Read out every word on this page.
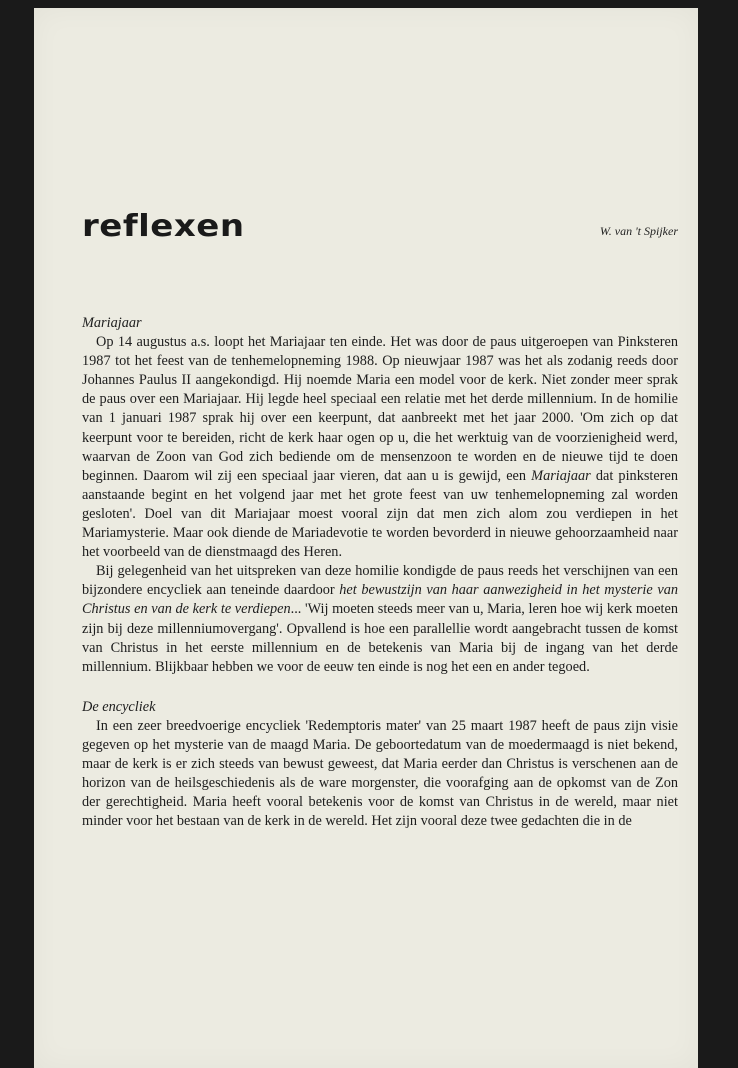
reflexen	W. van 't Spijker

Mariajaar

Op 14 augustus a.s. loopt het Mariajaar ten einde. Het was door de paus uitgeroepen van Pinksteren 1987 tot het feest van de tenhemelopneming 1988. Op nieuwjaar 1987 was het als zodanig reeds door Johannes Paulus II aangekondigd. Hij noemde Maria een model voor de kerk. Niet zonder meer sprak de paus over een Mariajaar. Hij legde heel speciaal een relatie met het derde millennium. In de homilie van 1 januari 1987 sprak hij over een keerpunt, dat aanbreekt met het jaar 2000. 'Om zich op dat keerpunt voor te bereiden, richt de kerk haar ogen op u, die het werktuig van de voorzienigheid werd, waarvan de Zoon van God zich bediende om de mensenzoon te worden en de nieuwe tijd te doen beginnen. Daarom wil zij een speciaal jaar vieren, dat aan u is gewijd, een Mariajaar dat pinksteren aanstaande begint en het volgend jaar met het grote feest van uw tenhemelopneming zal worden gesloten'. Doel van dit Mariajaar moest vooral zijn dat men zich alom zou verdiepen in het Mariamysterie. Maar ook diende de Mariadevotie te worden bevorderd in nieuwe gehoorzaamheid naar het voorbeeld van de dienstmaagd des Heren.

Bij gelegenheid van het uitspreken van deze homilie kondigde de paus reeds het verschijnen van een bijzondere encycliek aan teneinde daardoor het bewustzijn van haar aanwezigheid in het mysterie van Christus en van de kerk te verdiepen... 'Wij moeten steeds meer van u, Maria, leren hoe wij kerk moeten zijn bij deze millenniumovergang'. Opvallend is hoe een parallellie wordt aangebracht tussen de komst van Christus in het eerste millennium en de betekenis van Maria bij de ingang van het derde millennium. Blijkbaar hebben we voor de eeuw ten einde is nog het een en ander tegoed.

De encycliek

In een zeer breedvoerige encycliek 'Redemptoris mater' van 25 maart 1987 heeft de paus zijn visie gegeven op het mysterie van de maagd Maria. De geboortedatum van de moedermaagd is niet bekend, maar de kerk is er zich steeds van bewust geweest, dat Maria eerder dan Christus is verschenen aan de horizon van de heilsgeschiedenis als de ware morgenster, die voorafging aan de opkomst van de Zon der gerechtigheid. Maria heeft vooral betekenis voor de komst van Christus in de wereld, maar niet minder voor het bestaan van de kerk in de wereld. Het zijn vooral deze twee gedachten die in de
